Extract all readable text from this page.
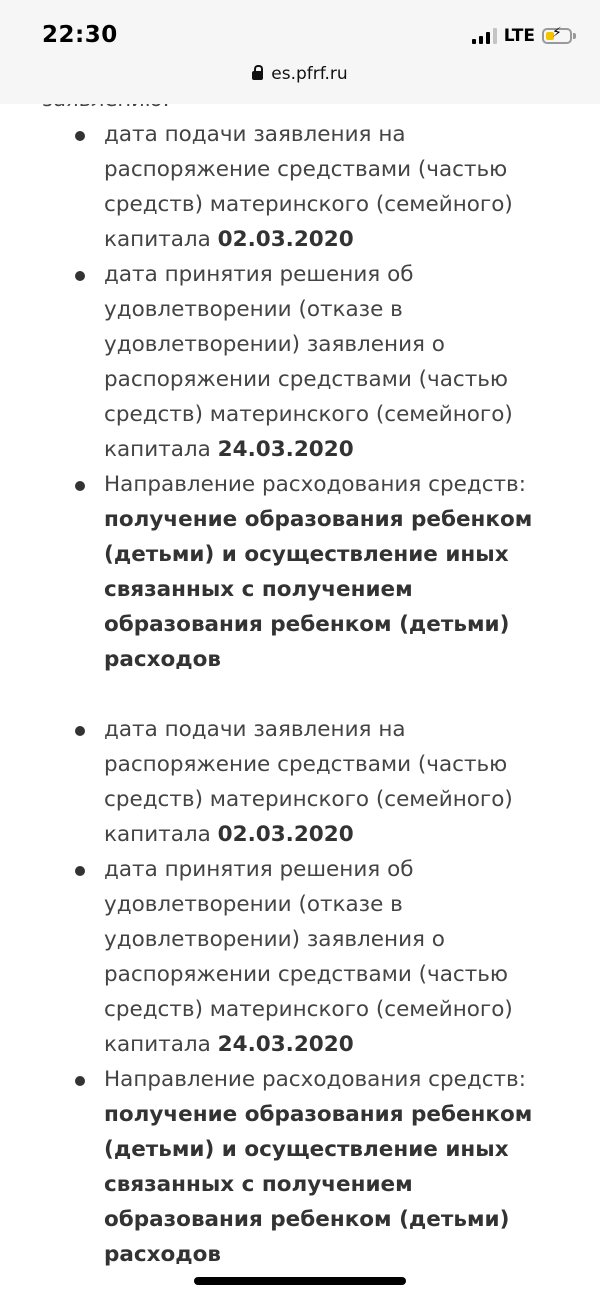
22:30	LTE ⚡
es.pfrf.ru

дата подачи заявления на распоряжение средствами (частью средств) материнского (семейного) капитала 02.03.2020
дата принятия решения об удовлетворении (отказе в удовлетворении) заявления о распоряжении средствами (частью средств) материнского (семейного) капитала 24.03.2020
Направление расходования средств:
получение образования ребенком (детьми) и осуществление иных связанных с получением образования ребенком (детьми) расходов
дата подачи заявления на распоряжение средствами (частью средств) материнского (семейного) капитала 02.03.2020
дата принятия решения об удовлетворении (отказе в удовлетворении) заявления о распоряжении средствами (частью средств) материнского (семейного) капитала 24.03.2020
Направление расходования средств:
получение образования ребенком (детьми) и осуществление иных связанных с получением образования ребенком (детьми) расходов
